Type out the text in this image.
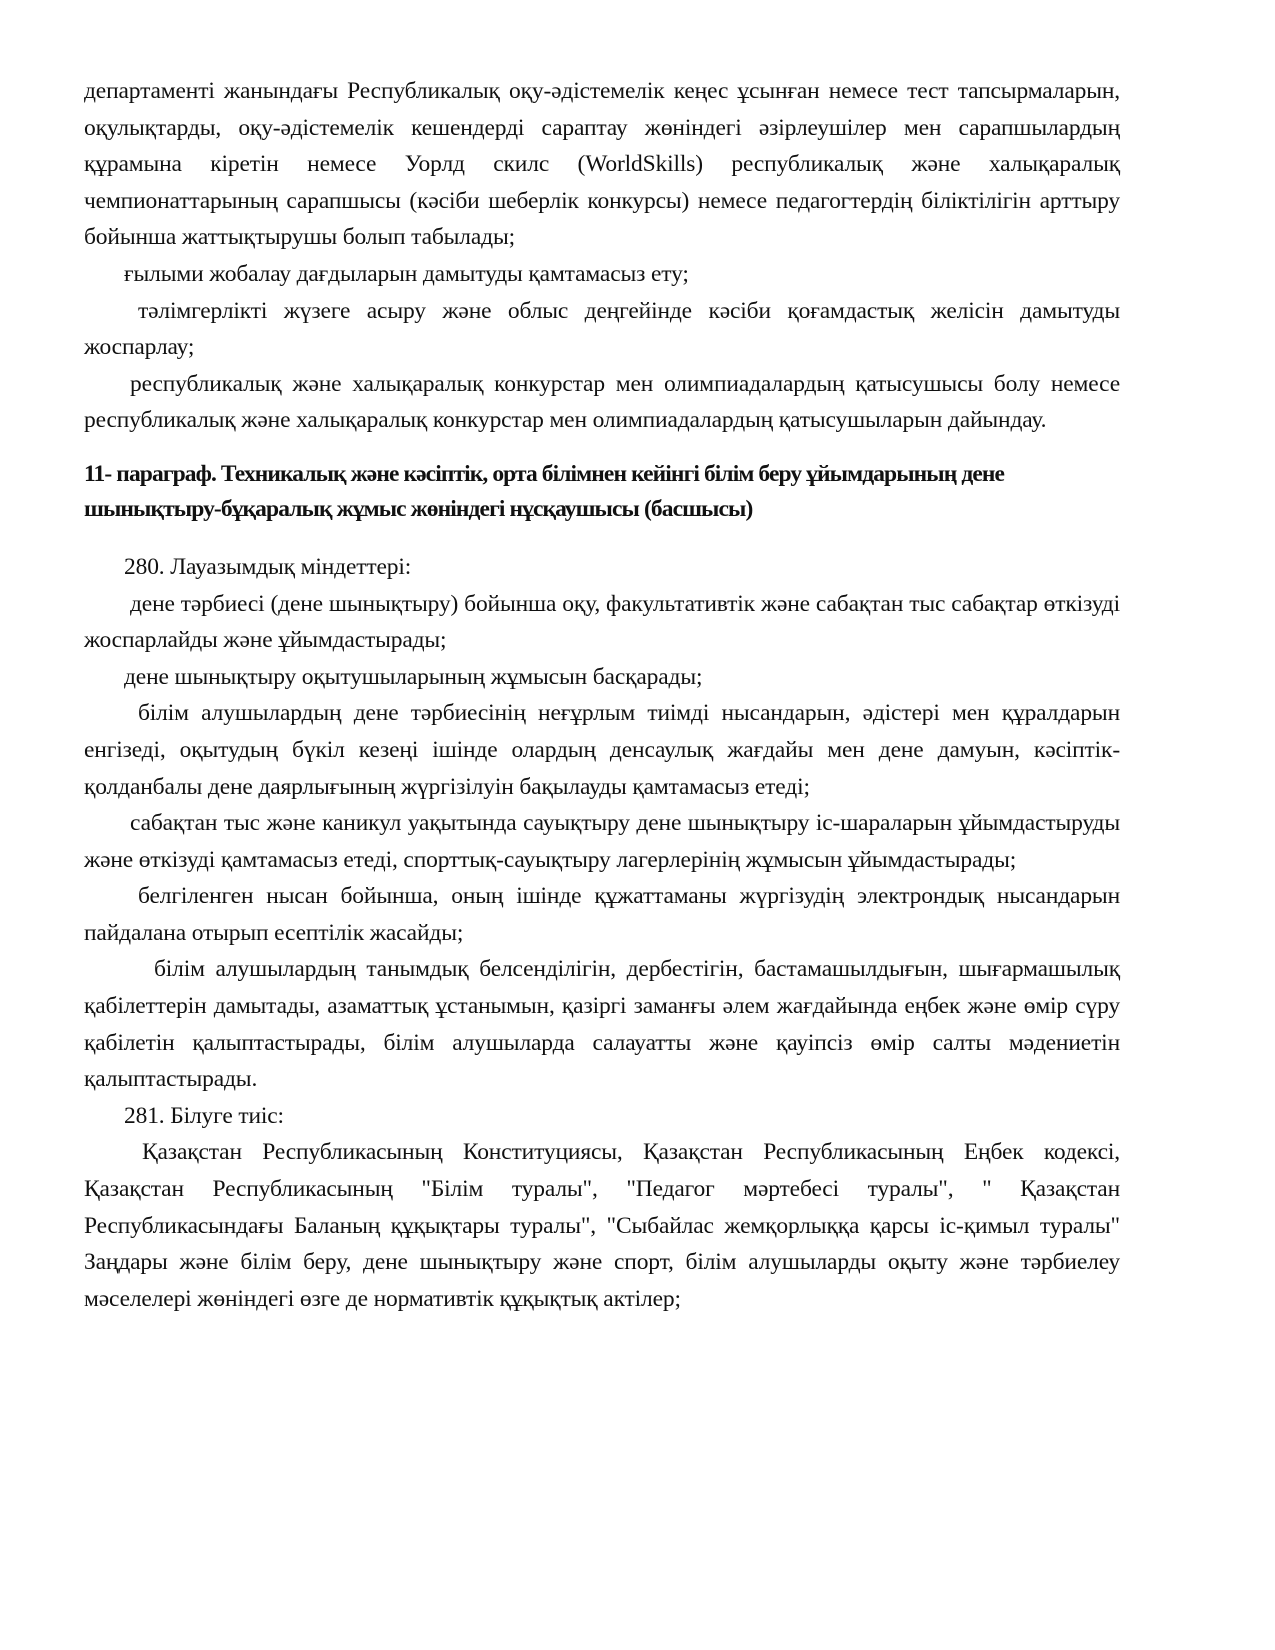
департаменті жанындағы Республикалық оқу-әдістемелік кеңес ұсынған немесе тест тапсырмаларын, оқулықтарды, оқу-әдістемелік кешендерді сараптау жөніндегі әзірлеушілер мен сарапшылардың құрамына кіретін немесе Уорлд скилс (WorldSkills) республикалық және халықаралық чемпионаттарының сарапшысы (кәсіби шеберлік конкурсы) немесе педагогтердің біліктілігін арттыру бойынша жаттықтырушы болып табылады;

ғылыми жобалау дағдыларын дамытуды қамтамасыз ету;

тәлімгерлікті жүзеге асыру және облыс деңгейінде кәсіби қоғамдастық желісін дамытуды жоспарлау;

республикалық және халықаралық конкурстар мен олимпиадалардың қатысушысы болу немесе республикалық және халықаралық конкурстар мен олимпиадалардың қатысушыларын дайындау.

11- параграф. Техникалық және кәсіптік, орта білімнен кейінгі білім беру ұйымдарының дене шынықтыру-бұқаралық жұмыс жөніндегі нұсқаушысы (басшысы)

280. Лауазымдық міндеттері:

дене тәрбиесі (дене шынықтыру) бойынша оқу, факультативтік және сабақтан тыс сабақтар өткізуді жоспарлайды және ұйымдастырады;

дене шынықтыру оқытушыларының жұмысын басқарады;

білім алушылардың дене тәрбиесінің неғұрлым тиімді нысандарын, әдістері мен құралдарын енгізеді, оқытудың бүкіл кезеңі ішінде олардың денсаулық жағдайы мен дене дамуын, кәсіптік-қолданбалы дене даярлығының жүргізілуін бақылауды қамтамасыз етеді;

сабақтан тыс және каникул уақытында сауықтыру дене шынықтыру іс-шараларын ұйымдастыруды және өткізуді қамтамасыз етеді, спорттық-сауықтыру лагерлерінің жұмысын ұйымдастырады;

белгіленген нысан бойынша, оның ішінде құжаттаманы жүргізудің электрондық нысандарын пайдалана отырып есептілік жасайды;

білім алушылардың танымдық белсенділігін, дербестігін, бастамашылдығын, шығармашылық қабілеттерін дамытады, азаматтық ұстанымын, қазіргі заманғы әлем жағдайында еңбек және өмір сүру қабілетін қалыптастырады, білім алушыларда салауатты және қауіпсіз өмір салты мәдениетін қалыптастырады.

281. Білуге тиіс:

Қазақстан Республикасының Конституциясы, Қазақстан Республикасының Еңбек кодексі, Қазақстан Республикасының "Білім туралы", "Педагог мәртебесі туралы", " Қазақстан Республикасындағы Баланың құқықтары туралы", "Сыбайлас жемқорлыққа қарсы іс-қимыл туралы" Заңдары және білім беру, дене шынықтыру және спорт, білім алушыларды оқыту және тәрбиелеу мәселелері жөніндегі өзге де нормативтік құқықтық актілер;
